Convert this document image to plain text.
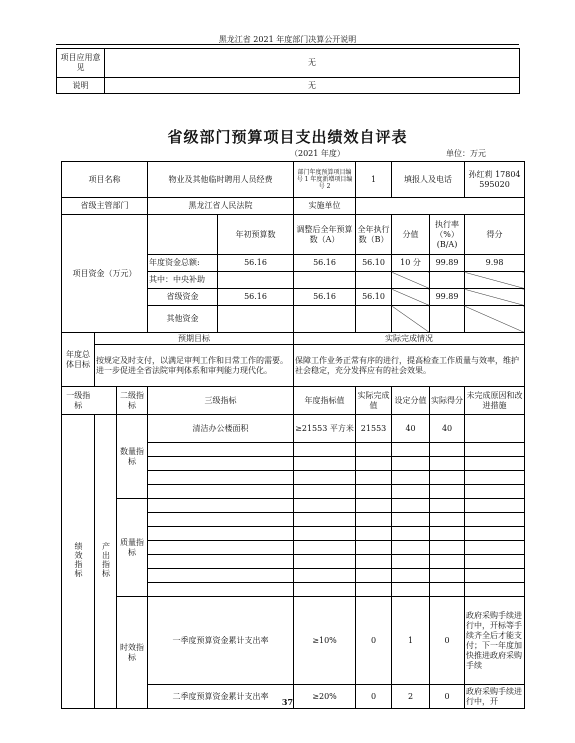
黑龙江省 2021 年度部门决算公开说明
项目应用意见	无
说明	无
省级部门预算项目支出绩效自评表
（2021 年度）	单位：万元
项目名称			物业及其他临时聘用人员经费		部门年度预算项目编号 1 年度新增项目编号 2	1	填报人及电话		孙红莉 17804595020
省级主管部门			黑龙江省人民法院		实施单位				
项目资金（万元）				年初预算数	调整后全年预算数（A）	全年执行数（B）	分值	执行率（%）(B/A)	得分
			年度资金总额:	56.16	56.16	56.10	10 分	99.89	9.98
			其中：中央补助						
			省级资金	56.16	56.16	56.10		99.89	
			其他资金						
年度总体目标	预期目标				实际完成情况				
	按规定及时支付，以满足审判工作和日常工作的需要。进一步促进全省法院审判体系和审判能力现代化。				保障工作业务正常有序的进行，提高检查工作质量与效率，维护社会稳定，充分发挥应有的社会效果。				
一级指标		二级指标	三级指标		年度指标值	实际完成值	设定分值	实际得分	未完成原因和改进措施
绩效指标	产出指标	数量指标	清洁办公楼面积		≥21553 平方米	21553	40	40	

		质量指标							

		时效指标	一季度预算资金累计支出率		≥10%	0	1	0	政府采购手续进行中，开标等手续齐全后才能支付；下一年度加快推进政府采购手续
			二季度预算资金累计支出率		≥20%	0	2	0	政府采购手续进行中，开
37
